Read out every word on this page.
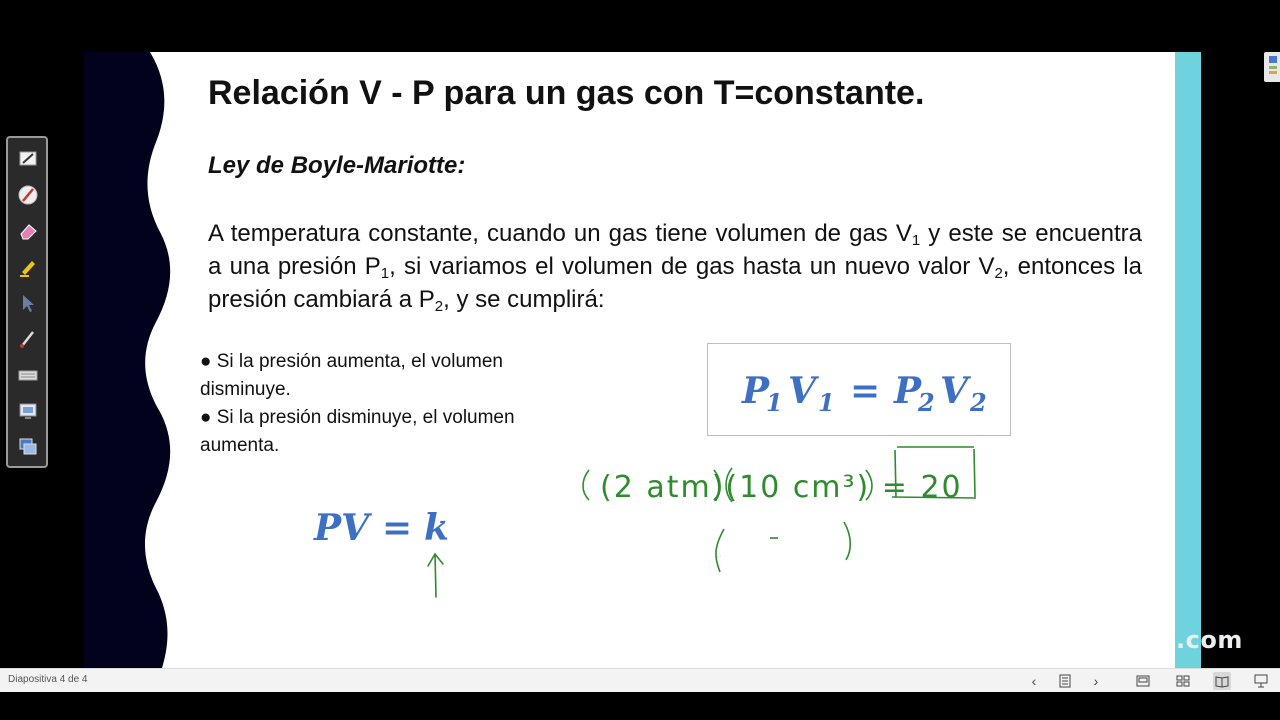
Relación V - P para un gas con T=constante.
Ley de Boyle-Mariotte:

A temperatura constante, cuando un gas tiene volumen de gas $V_1$ y este se encuentra a una presión $P_1$, si variamos el volumen de gas hasta un nuevo valor $V_2$, entonces la presión cambiará a $P_2$, y se cumplirá:

● Si la presión aumenta, el volumen disminuye.
● Si la presión disminuye, el volumen aumenta.
P
1 V 1 = P
2 V 2
PV = k
(2 atm)(10 cm³) = 20
( - )
.com
Diapositiva 4 de 4	‹	›
